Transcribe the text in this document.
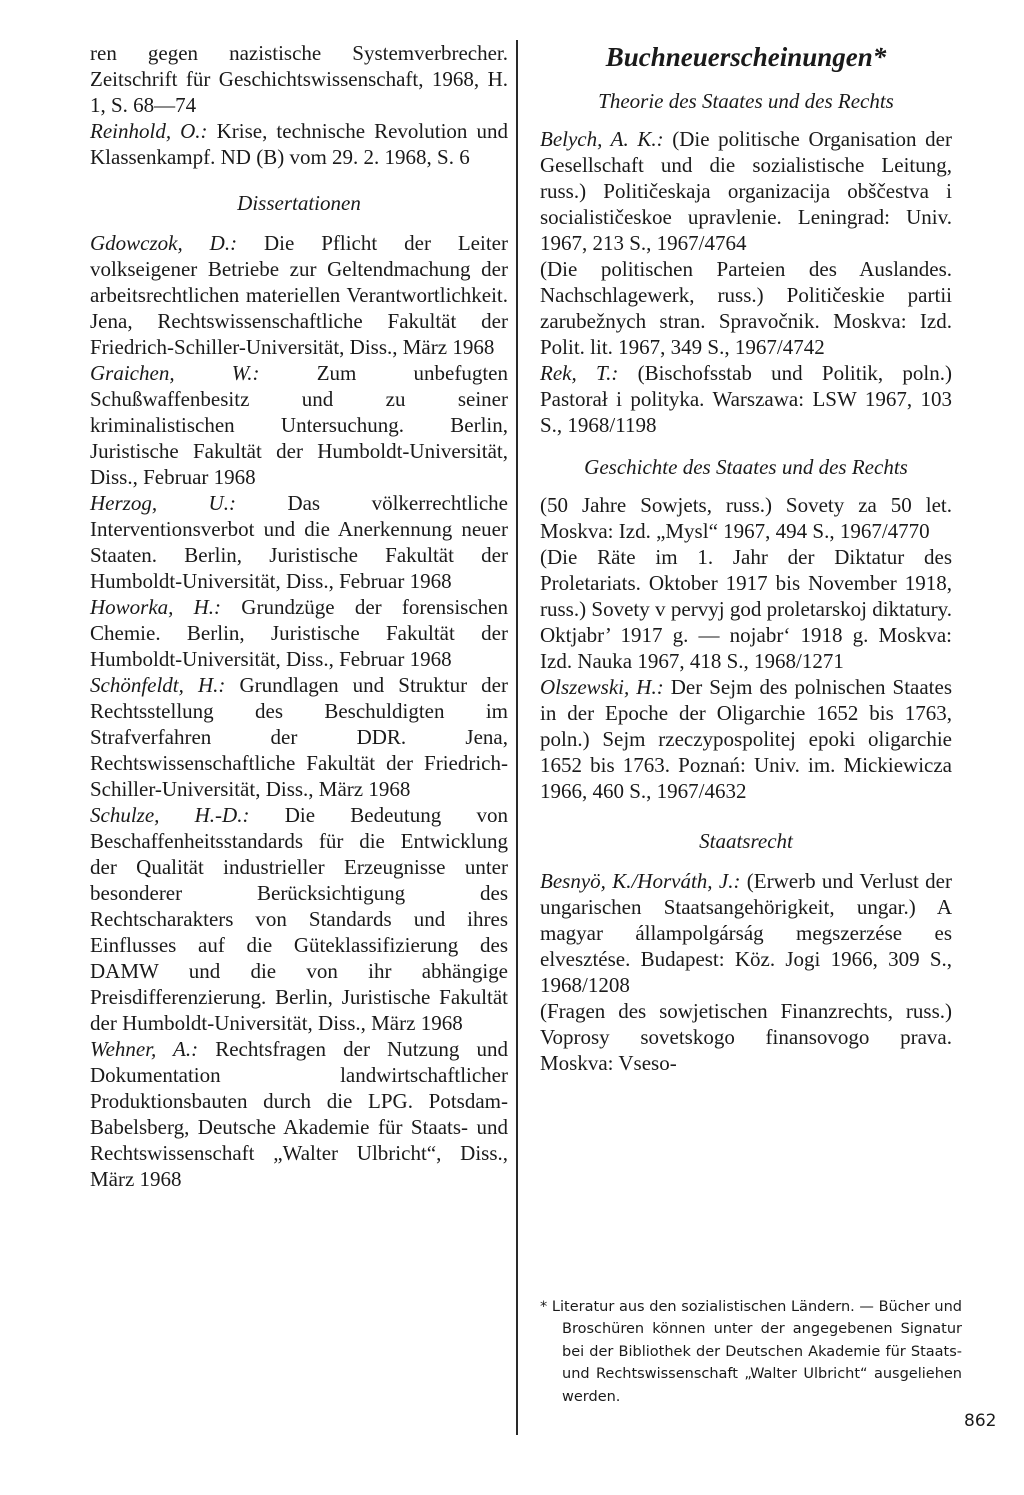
ren gegen nazistische Systemverbrecher. Zeitschrift für Geschichtswissenschaft, 1968, H. 1, S. 68—74

Reinhold, O.: Krise, technische Revolution und Klassenkampf. ND (B) vom 29. 2. 1968, S. 6

Dissertationen

Gdowczok, D.: Die Pflicht der Leiter volkseigener Betriebe zur Geltendmachung der arbeitsrechtlichen materiellen Verantwortlichkeit. Jena, Rechtswissenschaftliche Fakultät der Friedrich-Schiller-Universität, Diss., März 1968

Graichen, W.: Zum unbefugten Schußwaffenbesitz und zu seiner kriminalistischen Untersuchung. Berlin, Juristische Fakultät der Humboldt-Universität, Diss., Februar 1968

Herzog, U.: Das völkerrechtliche Interventionsverbot und die Anerkennung neuer Staaten. Berlin, Juristische Fakultät der Humboldt-Universität, Diss., Februar 1968

Howorka, H.: Grundzüge der forensischen Chemie. Berlin, Juristische Fakultät der Humboldt-Universität, Diss., Februar 1968

Schönfeldt, H.: Grundlagen und Struktur der Rechtsstellung des Beschuldigten im Strafverfahren der DDR. Jena, Rechtswissenschaftliche Fakultät der Friedrich-Schiller-Universität, Diss., März 1968

Schulze, H.-D.: Die Bedeutung von Beschaffenheitsstandards für die Entwicklung der Qualität industrieller Erzeugnisse unter besonderer Berücksichtigung des Rechtscharakters von Standards und ihres Einflusses auf die Güteklassifizierung des DAMW und die von ihr abhängige Preisdifferenzierung. Berlin, Juristische Fakultät der Humboldt-Universität, Diss., März 1968

Wehner, A.: Rechtsfragen der Nutzung und Dokumentation landwirtschaftlicher Produktionsbauten durch die LPG. Potsdam-Babelsberg, Deutsche Akademie für Staats- und Rechtswissenschaft „Walter Ulbricht“, Diss., März 1968

Buchneuerscheinungen*

Theorie des Staates und des Rechts

Belych, A. K.: (Die politische Organisation der Gesellschaft und die sozialistische Leitung, russ.) Političeskaja organizacija obščestva i socialističeskoe upravlenie. Leningrad: Univ. 1967, 213 S., 1967/4764

(Die politischen Parteien des Auslandes. Nachschlagewerk, russ.) Političeskie partii zarubežnych stran. Spravočnik. Moskva: Izd. Polit. lit. 1967, 349 S., 1967/4742

Rek, T.: (Bischofsstab und Politik, poln.) Pastorał i polityka. Warszawa: LSW 1967, 103 S., 1968/1198

Geschichte des Staates und des Rechts

(50 Jahre Sowjets, russ.) Sovety za 50 let. Moskva: Izd. „Mysl“ 1967, 494 S., 1967/4770

(Die Räte im 1. Jahr der Diktatur des Proletariats. Oktober 1917 bis November 1918, russ.) Sovety v pervyj god proletarskoj diktatury. Oktjabr’ 1917 g. — nojabr‘ 1918 g. Moskva: Izd. Nauka 1967, 418 S., 1968/1271

Olszewski, H.: Der Sejm des polnischen Staates in der Epoche der Oligarchie 1652 bis 1763, poln.) Sejm rzeczypospolitej epoki oligarchie 1652 bis 1763. Poznań: Univ. im. Mickiewicza 1966, 460 S., 1967/4632

Staatsrecht

Besnyö, K./Horváth, J.: (Erwerb und Verlust der ungarischen Staatsangehörigkeit, ungar.) A magyar állampolgárság megszerzése es elvesztése. Budapest: Köz. Jogi 1966, 309 S., 1968/1208

(Fragen des sowjetischen Finanzrechts, russ.) Voprosy sovetskogo finansovogo prava. Moskva: Vseso-

* Literatur aus den sozialistischen Ländern. — Bücher und Broschüren können unter der angegebenen Signatur bei der Bibliothek der Deutschen Akademie für Staats- und Rechtswissenschaft „Walter Ulbricht“ ausgeliehen werden.

862
